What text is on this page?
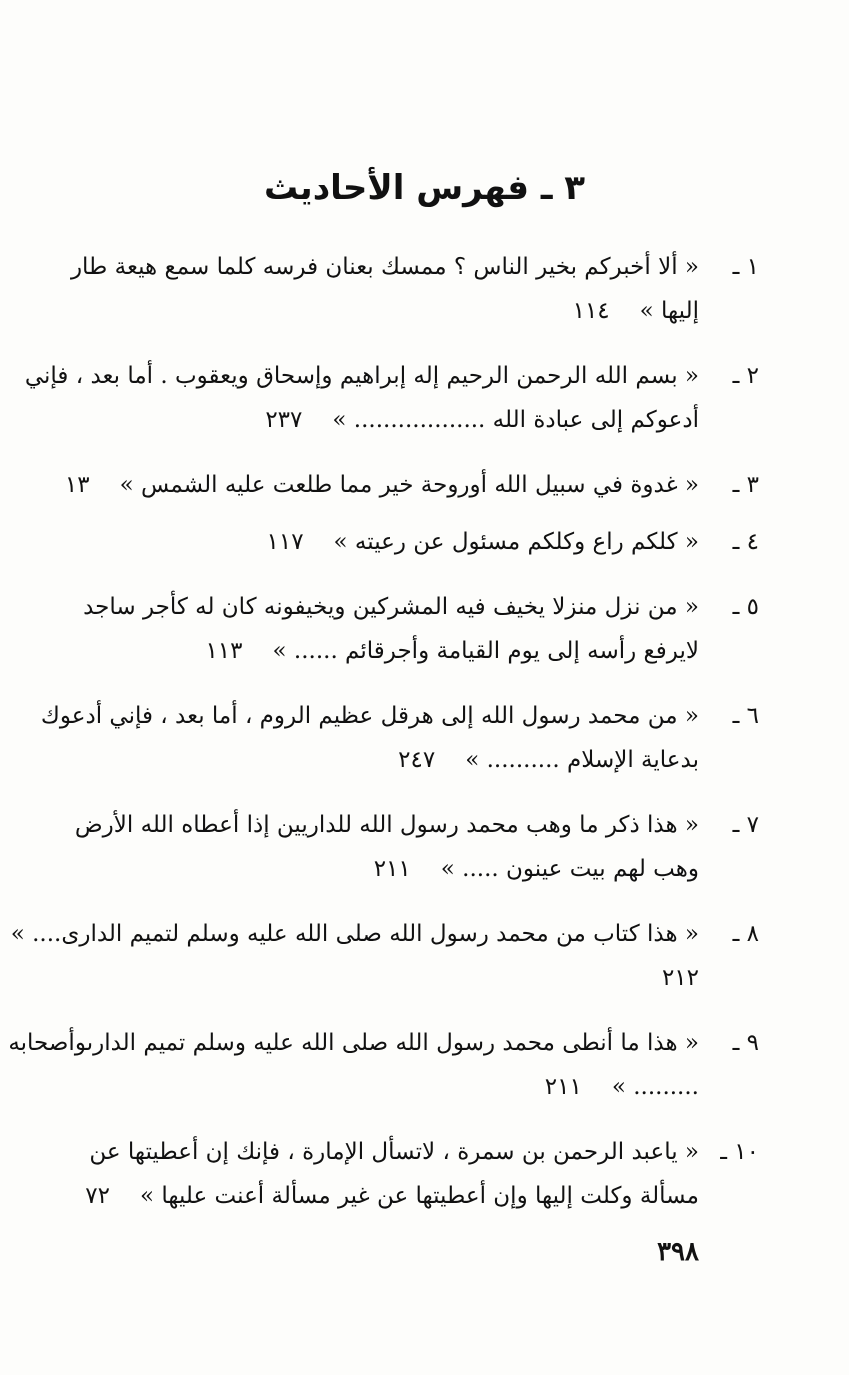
٣ ـ فهرس الأحاديث
١ ـ
« ألا أخبركم بخير الناس ؟ ممسك بعنان فرسه كلما سمع هيعة طار
إليها »١١٤
٢ ـ
« بسم الله الرحمن الرحيم إله إبراهيم وإسحاق ويعقوب . أما بعد ، فإني
أدعوكم إلى عبادة الله .................. »٢٣٧
٣ ـ
« غدوة في سبيل الله أوروحة خير مما طلعت عليه الشمس »١٣
٤ ـ
« كلكم راع وكلكم مسئول عن رعيته »١١٧
٥ ـ
« من نزل منزلا يخيف فيه المشركين ويخيفونه كان له كأجر ساجد
لايرفع رأسه إلى يوم القيامة وأجرقائم ...... »١١٣
٦ ـ
« من محمد رسول الله إلى هرقل عظيم الروم ، أما بعد ، فإني أدعوك
بدعاية الإسلام .......... »٢٤٧
٧ ـ
« هذا ذكر ما وهب محمد رسول الله للداريين إذا أعطاه الله الأرض
وهب لهم بيت عينون ..... »٢١١
٨ ـ
« هذا كتاب من محمد رسول الله صلى الله عليه وسلم لتميم الدارى.... »
٢١٢
٩ ـ
« هذا ما أنطى محمد رسول الله صلى الله عليه وسلم تميم الدارىوأصحابه
......... »٢١١
١٠ ـ
« ياعبد الرحمن بن سمرة ، لاتسأل الإمارة ، فإنك إن أعطيتها عن
مسألة وكلت إليها وإن أعطيتها عن غير مسألة أعنت عليها »٧٢
٣٩٨
